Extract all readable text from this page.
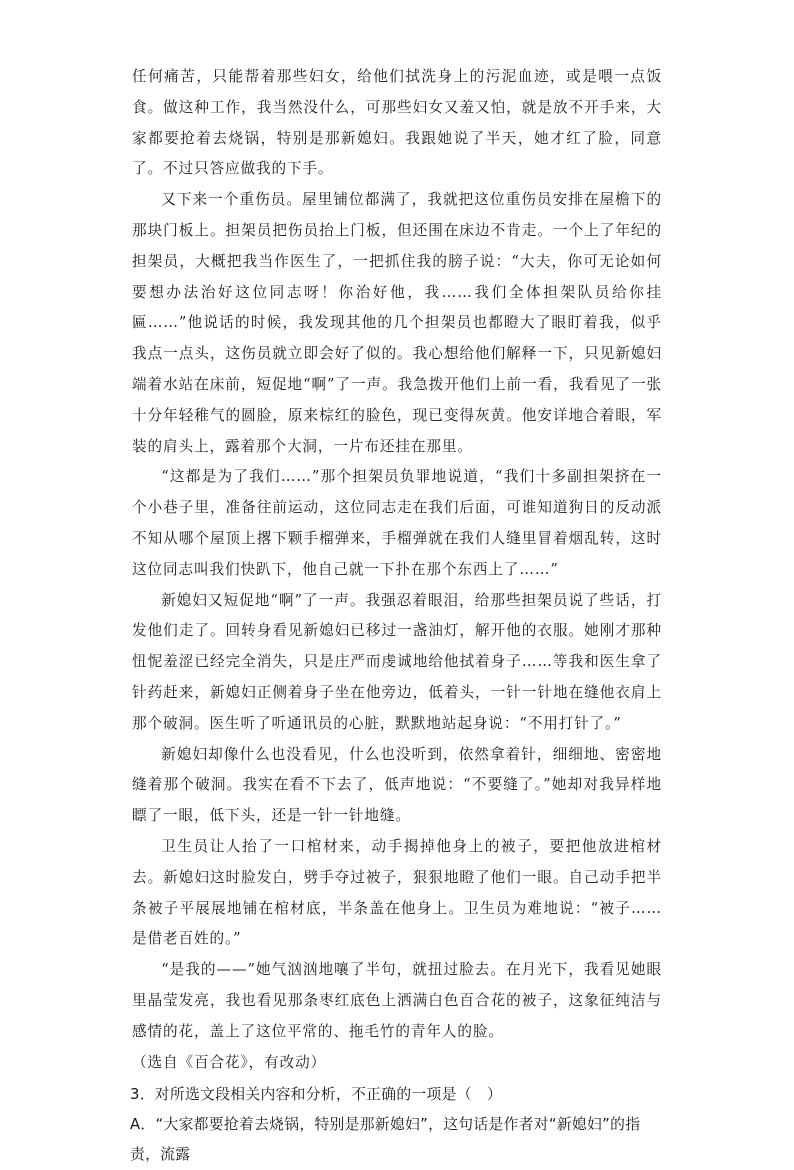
任何痛苦，只能帮着那些妇女，给他们拭洗身上的污泥血迹，或是喂一点饭食。做这种工作，我当然没什么，可那些妇女又羞又怕，就是放不开手来，大家都要抢着去烧锅，特别是那新媳妇。我跟她说了半天，她才红了脸，同意了。不过只答应做我的下手。

又下来一个重伤员。屋里铺位都满了，我就把这位重伤员安排在屋檐下的那块门板上。担架员把伤员抬上门板，但还围在床边不肯走。一个上了年纪的担架员，大概把我当作医生了，一把抓住我的膀子说：“大夫，你可无论如何要想办法治好这位同志呀！你治好他，我……我们全体担架队员给你挂匾……”他说话的时候，我发现其他的几个担架员也都瞪大了眼盯着我，似乎我点一点头，这伤员就立即会好了似的。我心想给他们解释一下，只见新媳妇端着水站在床前，短促地“啊”了一声。我急拨开他们上前一看，我看见了一张十分年轻稚气的圆脸，原来棕红的脸色，现已变得灰黄。他安详地合着眼，军装的肩头上，露着那个大洞，一片布还挂在那里。

“这都是为了我们……”那个担架员负罪地说道，“我们十多副担架挤在一个小巷子里，准备往前运动，这位同志走在我们后面，可谁知道狗日的反动派不知从哪个屋顶上撂下颗手榴弹来，手榴弹就在我们人缝里冒着烟乱转，这时这位同志叫我们快趴下，他自己就一下扑在那个东西上了……”

新媳妇又短促地“啊”了一声。我强忍着眼泪，给那些担架员说了些话，打发他们走了。回转身看见新媳妇已移过一盏油灯，解开他的衣服。她刚才那种忸怩羞涩已经完全消失，只是庄严而虔诚地给他拭着身子……等我和医生拿了针药赶来，新媳妇正侧着身子坐在他旁边，低着头，一针一针地在缝他衣肩上那个破洞。医生听了听通讯员的心脏，默默地站起身说：“不用打针了。”

新媳妇却像什么也没看见，什么也没听到，依然拿着针，细细地、密密地缝着那个破洞。我实在看不下去了，低声地说：“不要缝了。”她却对我异样地瞟了一眼，低下头，还是一针一针地缝。

卫生员让人抬了一口棺材来，动手揭掉他身上的被子，要把他放进棺材去。新媳妇这时脸发白，劈手夺过被子，狠狠地瞪了他们一眼。自己动手把半条被子平展展地铺在棺材底，半条盖在他身上。卫生员为难地说：“被子……是借老百姓的。”

“是我的——”她气汹汹地嚷了半句，就扭过脸去。在月光下，我看见她眼里晶莹发亮，我也看见那条枣红底色上洒满白色百合花的被子，这象征纯洁与感情的花，盖上了这位平常的、拖毛竹的青年人的脸。

（选自《百合花》，有改动）

3．对所选文段相关内容和分析，不正确的一项是（　）

A．“大家都要抢着去烧锅，特别是那新媳妇”，这句话是作者对“新媳妇”的指责，流露
